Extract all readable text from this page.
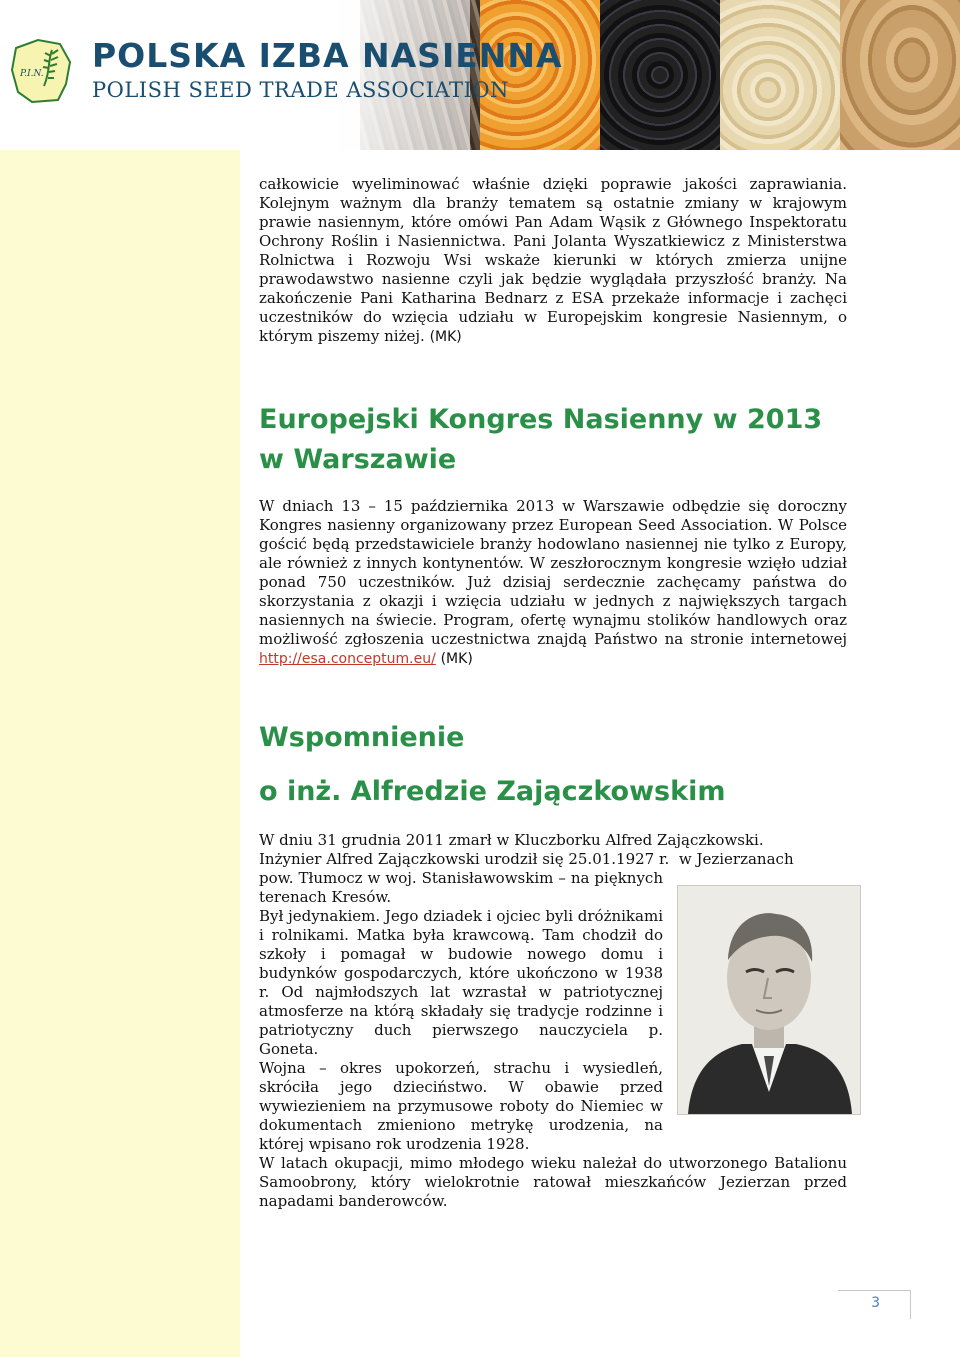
P.I.N. POLSKA IZBA NASIENNA
POLISH SEED TRADE ASSOCIATION

całkowicie wyeliminować właśnie dzięki poprawie jakości zaprawiania. Kolejnym ważnym dla branży tematem są ostatnie zmiany w krajowym prawie nasiennym, które omówi Pan Adam Wąsik z Głównego Inspektoratu Ochrony Roślin i Nasiennictwa. Pani Jolanta Wyszatkiewicz z Ministerstwa Rolnictwa i Rozwoju Wsi wskaże kierunki w których zmierza unijne prawodawstwo nasienne czyli jak będzie wyglądała przyszłość branży. Na zakończenie Pani Katharina Bednarz z ESA przekaże informacje i zachęci uczestników do wzięcia udziału w Europejskim kongresie Nasiennym, o którym piszemy niżej. (MK)

Europejski Kongres Nasienny w 2013 w Warszawie

W dniach 13 – 15 października 2013 w Warszawie odbędzie się doroczny Kongres nasienny organizowany przez European Seed Association. W Polsce gościć będą przedstawiciele branży hodowlano nasiennej nie tylko z Europy, ale również z innych kontynentów. W zeszłorocznym kongresie wzięło udział ponad 750 uczestników. Już dzisiaj serdecznie zachęcamy państwa do skorzystania z okazji i wzięcia udziału w jednych z największych targach nasiennych na świecie. Program, ofertę wynajmu stolików handlowych oraz możliwość zgłoszenia uczestnictwa znajdą Państwo na stronie internetowej http://esa.conceptum.eu/ (MK)

Wspomnienie
o inż. Alfredzie Zajączkowskim

W dniu 31 grudnia 2011 zmarł w Kluczborku Alfred Zajączkowski.

Inżynier Alfred Zajączkowski urodził się 25.01.1927 r. w Jezierzanach

pow. Tłumocz w woj. Stanisławowskim – na pięknych terenach Kresów.

Był jedynakiem. Jego dziadek i ojciec byli dróżnikami i rolnikami. Matka była krawcową. Tam chodził do szkoły i pomagał w budowie nowego domu i budynków gospodarczych, które ukończono w 1938 r. Od najmłodszych lat wzrastał w patriotycznej atmosferze na którą składały się tradycje rodzinne i patriotyczny duch pierwszego nauczyciela p. Goneta.

Wojna – okres upokorzeń, strachu i wysiedleń, skróciła jego dzieciństwo. W obawie przed wywiezieniem na przymusowe roboty do Niemiec w dokumentach zmieniono metrykę urodzenia, na której wpisano rok urodzenia 1928.

W latach okupacji, mimo młodego wieku należał do utworzonego Batalionu Samoobrony, który wielokrotnie ratował mieszkańców Jezierzan przed napadami banderowców.

3
